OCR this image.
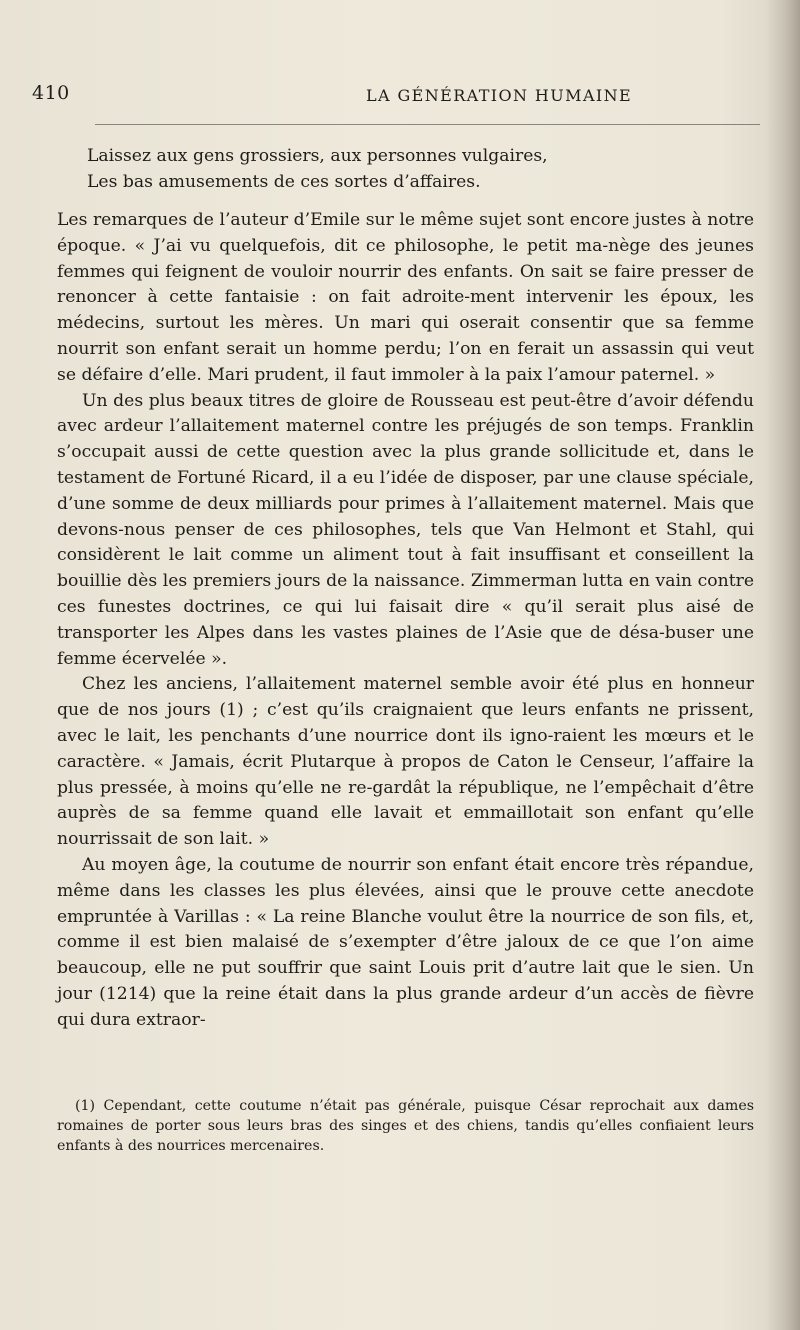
410	LA GÉNÉRATION HUMAINE
Laissez aux gens grossiers, aux personnes vulgaires,
Les bas amusements de ces sortes d’affaires.

Les remarques de l’auteur d’Emile sur le même sujet sont encore justes à notre époque. « J’ai vu quelquefois, dit ce philosophe, le petit ma-nège des jeunes femmes qui feignent de vouloir nourrir des enfants. On sait se faire presser de renoncer à cette fantaisie : on fait adroite-ment intervenir les époux, les médecins, surtout les mères. Un mari qui oserait consentir que sa femme nourrit son enfant serait un homme perdu; l’on en ferait un assassin qui veut se défaire d’elle. Mari prudent, il faut immoler à la paix l’amour paternel. »

Un des plus beaux titres de gloire de Rousseau est peut-être d’avoir défendu avec ardeur l’allaitement maternel contre les préjugés de son temps. Franklin s’occupait aussi de cette question avec la plus grande sollicitude et, dans le testament de Fortuné Ricard, il a eu l’idée de disposer, par une clause spéciale, d’une somme de deux milliards pour primes à l’allaitement maternel. Mais que devons-nous penser de ces philosophes, tels que Van Helmont et Stahl, qui considèrent le lait comme un aliment tout à fait insuffisant et conseillent la bouillie dès les premiers jours de la naissance. Zimmerman lutta en vain contre ces funestes doctrines, ce qui lui faisait dire « qu’il serait plus aisé de transporter les Alpes dans les vastes plaines de l’Asie que de désa-buser une femme écervelée ».

Chez les anciens, l’allaitement maternel semble avoir été plus en honneur que de nos jours (1) ; c’est qu’ils craignaient que leurs enfants ne prissent, avec le lait, les penchants d’une nourrice dont ils igno-raient les mœurs et le caractère. « Jamais, écrit Plutarque à propos de Caton le Censeur, l’affaire la plus pressée, à moins qu’elle ne re-gardât la république, ne l’empêchait d’être auprès de sa femme quand elle lavait et emmaillotait son enfant qu’elle nourrissait de son lait. »

Au moyen âge, la coutume de nourrir son enfant était encore très répandue, même dans les classes les plus élevées, ainsi que le prouve cette anecdote empruntée à Varillas : « La reine Blanche voulut être la nourrice de son fils, et, comme il est bien malaisé de s’exempter d’être jaloux de ce que l’on aime beaucoup, elle ne put souffrir que saint Louis prit d’autre lait que le sien. Un jour (1214) que la reine était dans la plus grande ardeur d’un accès de fièvre qui dura extraor-

(1) Cependant, cette coutume n’était pas générale, puisque César reprochait aux dames romaines de porter sous leurs bras des singes et des chiens, tandis qu’elles confiaient leurs enfants à des nourrices mercenaires.
